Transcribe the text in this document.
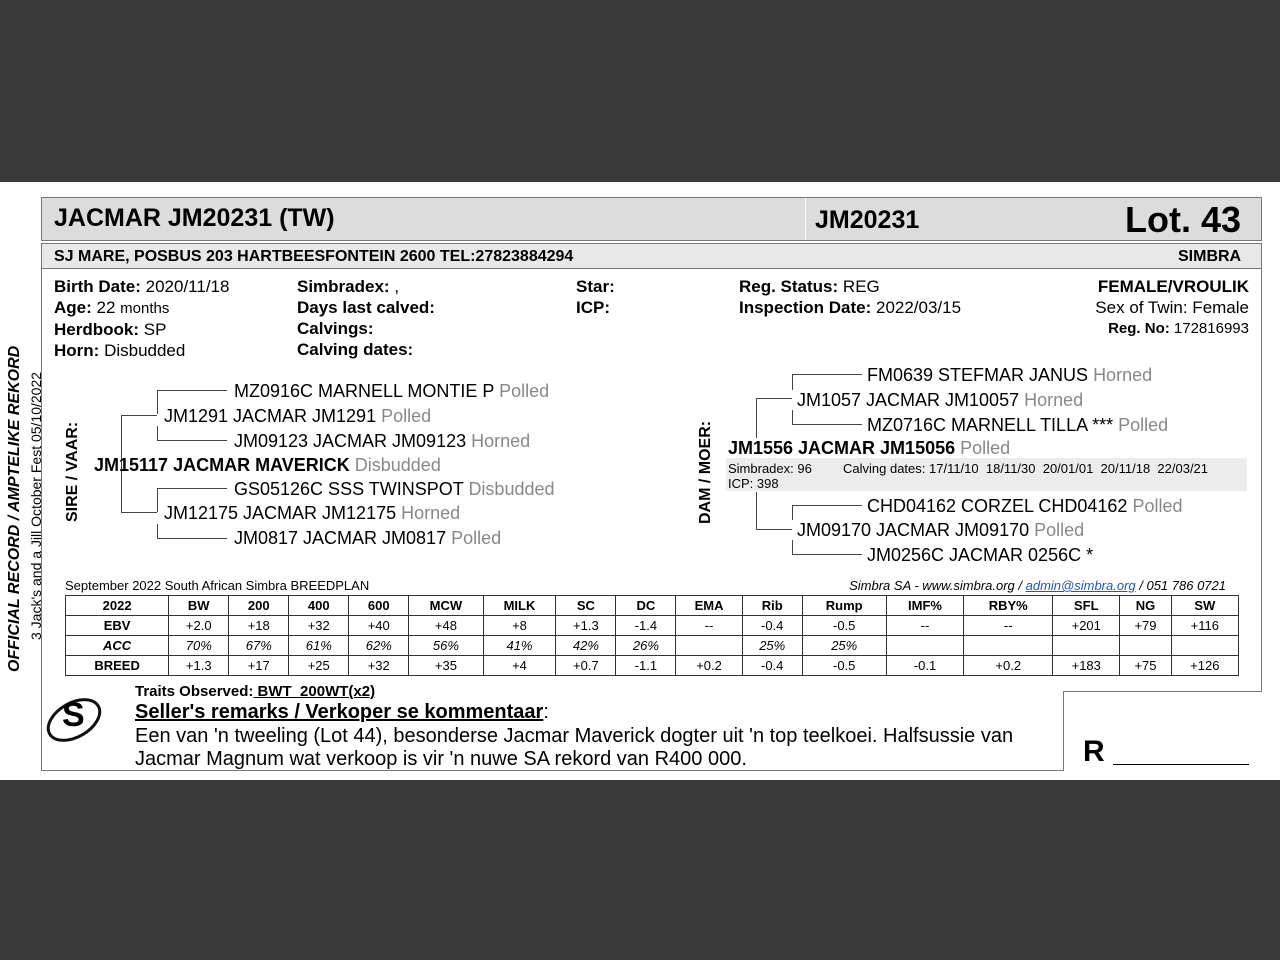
JACMAR JM20231 (TW)	JM20231	Lot. 43
SJ MARE, POSBUS 203 HARTBEESFONTEIN 2600 TEL:27823884294	SIMBRA
OFFICIAL RECORD / AMPTELIKE REKORD 3 Jack's and a Jill October Fest 05/10/2022
Birth Date: 2020/11/18
Age: 22 months
Herdbook: SP
Horn: Disbudded
Simbradex: ,
Days last calved:
Calvings:
Calving dates:
Star:
ICP:
Reg. Status: REG
Inspection Date: 2022/03/15
FEMALE/VROULIK
Sex of Twin: Female
Reg. No: 172816993
SIRE / VAAR:
MZ0916C MARNELL MONTIE P Polled
JM1291 JACMAR JM1291 Polled
JM09123 JACMAR JM09123 Horned
JM15117 JACMAR MAVERICK Disbudded
GS05126C SSS TWINSPOT Disbudded
JM12175 JACMAR JM12175 Horned
JM0817 JACMAR JM0817 Polled
DAM / MOER:
FM0639 STEFMAR JANUS Horned
JM1057 JACMAR JM10057 Horned
MZ0716C MARNELL TILLA *** Polled
JM1556 JACMAR JM15056 Polled
Simbradex: 96 Calving dates: 17/11/10  18/11/30  20/01/01  20/11/18  22/03/21
ICP: 398
CHD04162 CORZEL CHD04162 Polled
JM09170 JACMAR JM09170 Polled
JM0256C JACMAR 0256C *
September 2022 South African Simbra BREEDPLAN	Simbra SA - www.simbra.org / admin@simbra.org / 051 786 0721
2022	BW	200	400	600	MCW	MILK	SC	DC	EMA	Rib	Rump	IMF%	RBY%	SFL	NG	SW
EBV	+2.0	+18	+32	+40	+48	+8	+1.3	-1.4	--	-0.4	-0.5	--	--	+201	+79	+116
ACC	70%	67%	61%	62%	56%	41%	42%	26%		25%	25%					
BREED	+1.3	+17	+25	+32	+35	+4	+0.7	-1.1	+0.2	-0.4	-0.5	-0.1	+0.2	+183	+75	+126
S
Traits Observed: BWT  200WT(x2)
Seller's remarks / Verkoper se kommentaar:
Een van 'n tweeling (Lot 44), besonderse Jacmar Maverick dogter uit 'n top teelkoei. Halfsussie van
Jacmar Magnum wat verkoop is vir 'n nuwe SA rekord van R400 000.	R
